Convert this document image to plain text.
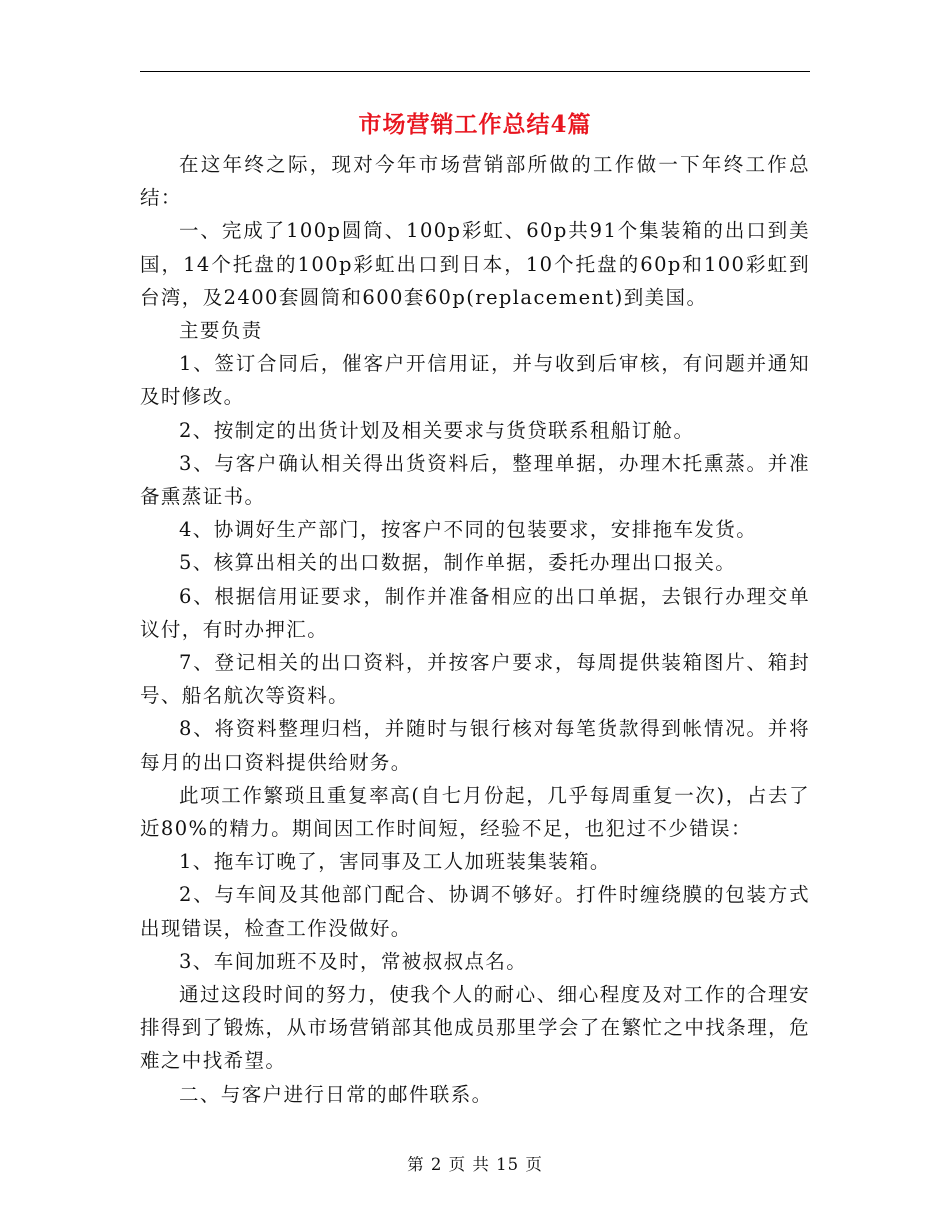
市场营销工作总结4篇

在这年终之际，现对今年市场营销部所做的工作做一下年终工作总结：

一、完成了100p圆筒、100p彩虹、60p共91个集装箱的出口到美国，14个托盘的100p彩虹出口到日本，10个托盘的60p和100彩虹到台湾，及2400套圆筒和600套60p(replacement)到美国。

主要负责

1、签订合同后，催客户开信用证，并与收到后审核，有问题并通知及时修改。

2、按制定的出货计划及相关要求与货贷联系租船订舱。

3、与客户确认相关得出货资料后，整理单据，办理木托熏蒸。并准备熏蒸证书。

4、协调好生产部门，按客户不同的包装要求，安排拖车发货。

5、核算出相关的出口数据，制作单据，委托办理出口报关。

6、根据信用证要求，制作并准备相应的出口单据，去银行办理交单议付，有时办押汇。

7、登记相关的出口资料，并按客户要求，每周提供装箱图片、箱封号、船名航次等资料。

8、将资料整理归档，并随时与银行核对每笔货款得到帐情况。并将每月的出口资料提供给财务。

此项工作繁琐且重复率高(自七月份起，几乎每周重复一次)，占去了近80%的精力。期间因工作时间短，经验不足，也犯过不少错误：

1、拖车订晚了，害同事及工人加班装集装箱。

2、与车间及其他部门配合、协调不够好。打件时缠绕膜的包装方式出现错误，检查工作没做好。

3、车间加班不及时，常被叔叔点名。

通过这段时间的努力，使我个人的耐心、细心程度及对工作的合理安排得到了锻炼，从市场营销部其他成员那里学会了在繁忙之中找条理，危难之中找希望。

二、与客户进行日常的邮件联系。

第 2 页 共 15 页
